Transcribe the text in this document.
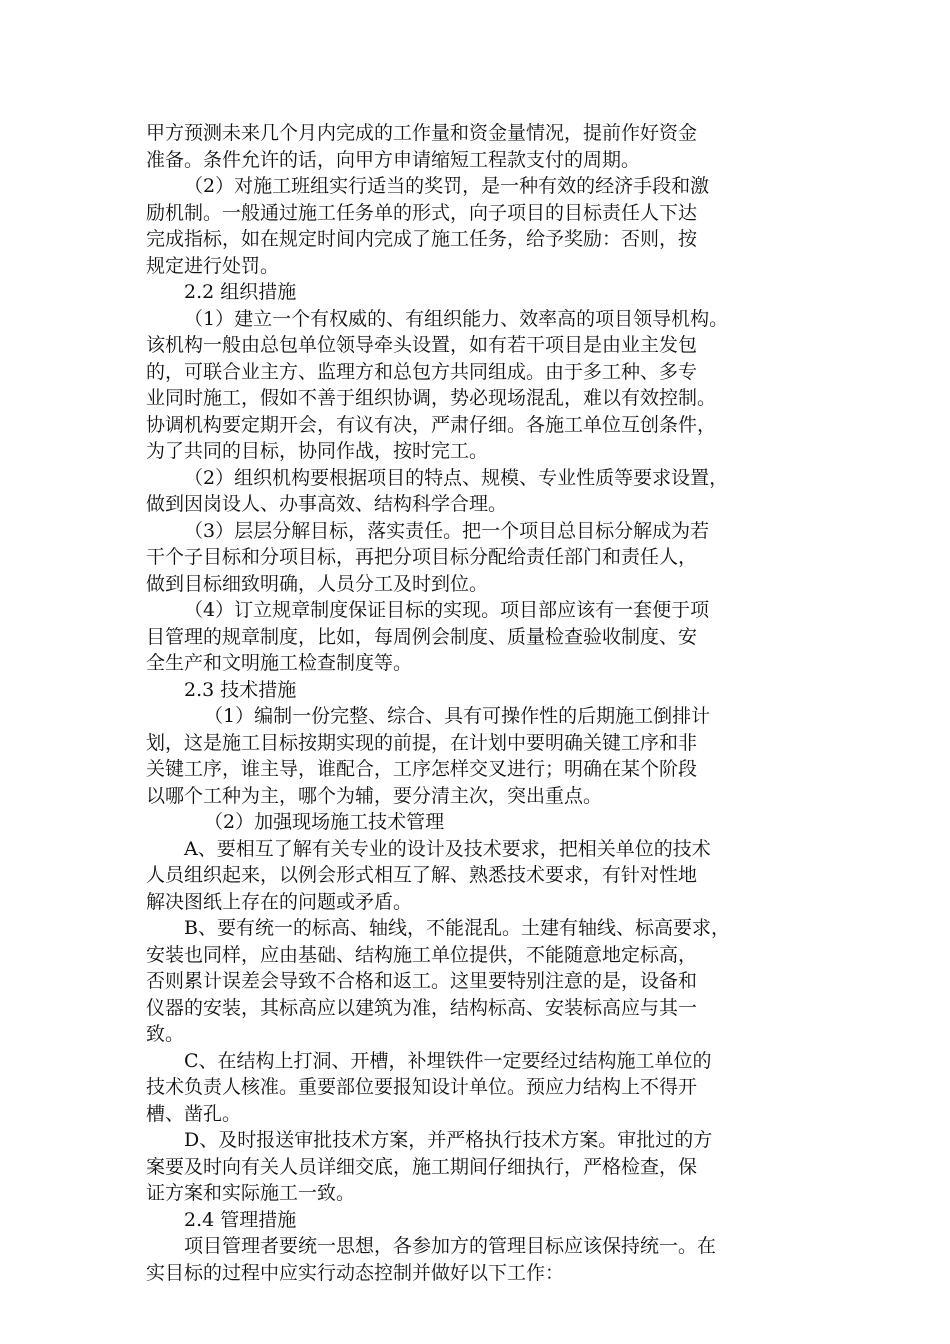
甲方预测未来几个月内完成的工作量和资金量情况，提前作好资金
准备。条件允许的话，向甲方申请缩短工程款支付的周期。
（2）对施工班组实行适当的奖罚，是一种有效的经济手段和激
励机制。一般通过施工任务单的形式，向子项目的目标责任人下达
完成指标，如在规定时间内完成了施工任务，给予奖励：否则，按
规定进行处罚。
2.2 组织措施
（1）建立一个有权威的、有组织能力、效率高的项目领导机构。
该机构一般由总包单位领导牵头设置，如有若干项目是由业主发包
的，可联合业主方、监理方和总包方共同组成。由于多工种、多专
业同时施工，假如不善于组织协调，势必现场混乱，难以有效控制。
协调机构要定期开会，有议有决，严肃仔细。各施工单位互创条件，
为了共同的目标，协同作战，按时完工。
（2）组织机构要根据项目的特点、规模、专业性质等要求设置，
做到因岗设人、办事高效、结构科学合理。
（3）层层分解目标，落实责任。把一个项目总目标分解成为若
干个子目标和分项目标，再把分项目标分配给责任部门和责任人，
做到目标细致明确，人员分工及时到位。
（4）订立规章制度保证目标的实现。项目部应该有一套便于项
目管理的规章制度，比如，每周例会制度、质量检查验收制度、安
全生产和文明施工检查制度等。
2.3 技术措施
（1）编制一份完整、综合、具有可操作性的后期施工倒排计
划，这是施工目标按期实现的前提，在计划中要明确关键工序和非
关键工序，谁主导，谁配合，工序怎样交叉进行；明确在某个阶段
以哪个工种为主，哪个为辅，要分清主次，突出重点。
（2）加强现场施工技术管理
A、要相互了解有关专业的设计及技术要求，把相关单位的技术
人员组织起来，以例会形式相互了解、熟悉技术要求，有针对性地
解决图纸上存在的问题或矛盾。
B、要有统一的标高、轴线，不能混乱。土建有轴线、标高要求，
安装也同样，应由基础、结构施工单位提供，不能随意地定标高，
否则累计误差会导致不合格和返工。这里要特别注意的是，设备和
仪器的安装，其标高应以建筑为准，结构标高、安装标高应与其一
致。
C、在结构上打洞、开槽，补埋铁件一定要经过结构施工单位的
技术负责人核准。重要部位要报知设计单位。预应力结构上不得开
槽、凿孔。
D、及时报送审批技术方案，并严格执行技术方案。审批过的方
案要及时向有关人员详细交底，施工期间仔细执行，严格检查，保
证方案和实际施工一致。
2.4 管理措施
项目管理者要统一思想，各参加方的管理目标应该保持统一。在
实目标的过程中应实行动态控制并做好以下工作：
